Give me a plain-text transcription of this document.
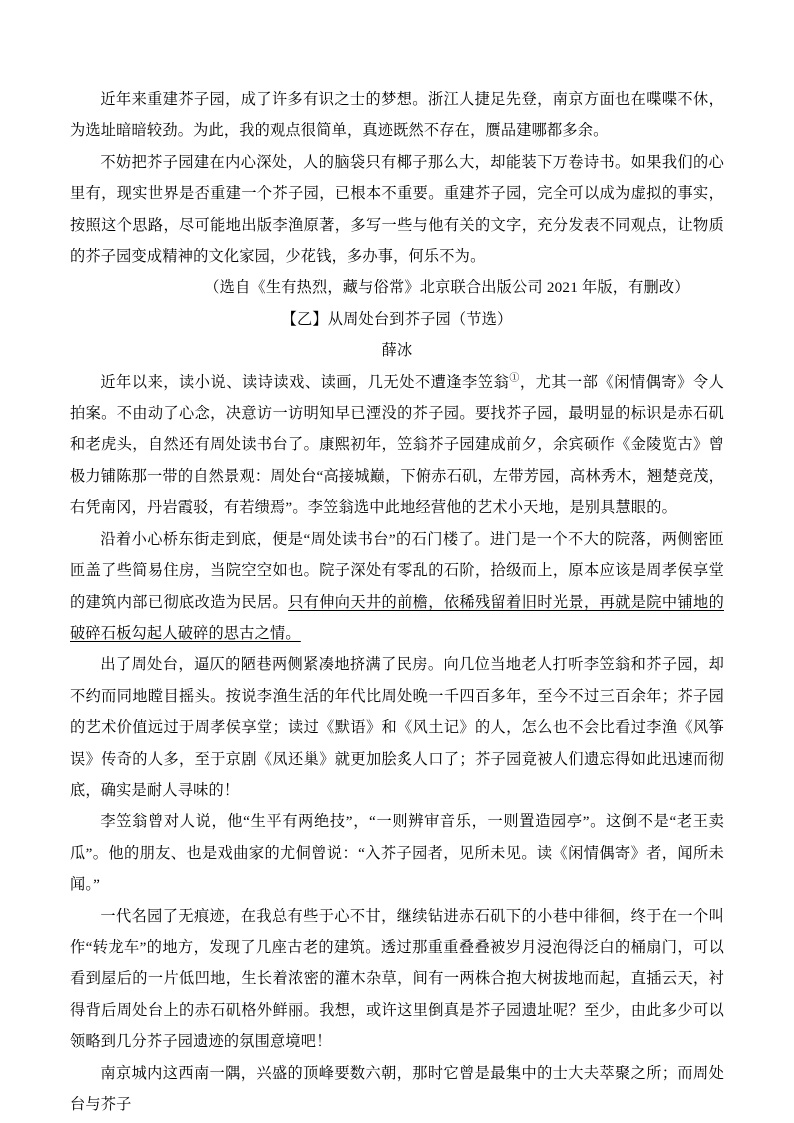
近年来重建芥子园，成了许多有识之士的梦想。浙江人捷足先登，南京方面也在喋喋不休，为选址暗暗较劲。为此，我的观点很简单，真迹既然不存在，赝品建哪都多余。

不妨把芥子园建在内心深处，人的脑袋只有椰子那么大，却能装下万卷诗书。如果我们的心里有，现实世界是否重建一个芥子园，已根本不重要。重建芥子园，完全可以成为虚拟的事实，按照这个思路，尽可能地出版李渔原著，多写一些与他有关的文字，充分发表不同观点，让物质的芥子园变成精神的文化家园，少花钱，多办事，何乐不为。

（选自《生有热烈，藏与俗常》北京联合出版公司 2021 年版，有删改）

【乙】从周处台到芥子园（节选）

薛冰

近年以来，读小说、读诗读戏、读画，几无处不遭逢李笠翁①，尤其一部《闲情偶寄》令人拍案。不由动了心念，决意访一访明知早已湮没的芥子园。要找芥子园，最明显的标识是赤石矶和老虎头，自然还有周处读书台了。康熙初年，笠翁芥子园建成前夕，余宾硕作《金陵览古》曾极力铺陈那一带的自然景观：周处台“高接城巅，下俯赤石矶，左带芳园，高林秀木，翘楚竞茂，右凭南冈，丹岩霞驳，有若缋焉”。李笠翁选中此地经营他的艺术小天地，是别具慧眼的。

沿着小心桥东街走到底，便是“周处读书台”的石门楼了。进门是一个不大的院落，两侧密匝匝盖了些简易住房，当院空空如也。院子深处有零乱的石阶，拾级而上，原本应该是周孝侯享堂的建筑内部已彻底改造为民居。只有伸向天井的前檐，依稀残留着旧时光景，再就是院中铺地的破碎石板勾起人破碎的思古之情。

出了周处台，逼仄的陋巷两侧紧凑地挤满了民房。向几位当地老人打听李笠翁和芥子园，却不约而同地瞠目摇头。按说李渔生活的年代比周处晚一千四百多年，至今不过三百余年；芥子园的艺术价值远过于周孝侯享堂；读过《默语》和《风土记》的人，怎么也不会比看过李渔《风筝误》传奇的人多，至于京剧《凤还巢》就更加脍炙人口了；芥子园竟被人们遗忘得如此迅速而彻底，确实是耐人寻味的！

李笠翁曾对人说，他“生平有两绝技”，“一则辨审音乐，一则置造园亭”。这倒不是“老王卖瓜”。他的朋友、也是戏曲家的尤侗曾说：“入芥子园者，见所未见。读《闲情偶寄》者，闻所未闻。”

一代名园了无痕迹，在我总有些于心不甘，继续钻进赤石矶下的小巷中徘徊，终于在一个叫作“转龙车”的地方，发现了几座古老的建筑。透过那重重叠叠被岁月浸泡得泛白的桶扇门，可以看到屋后的一片低凹地，生长着浓密的灌木杂草，间有一两株合抱大树拔地而起，直插云天，衬得背后周处台上的赤石矶格外鲜丽。我想，或许这里倒真是芥子园遗址呢？至少，由此多少可以领略到几分芥子园遗迹的氛围意境吧！

南京城内这西南一隅，兴盛的顶峰要数六朝，那时它曾是最集中的士大夫萃聚之所；而周处台与芥子
